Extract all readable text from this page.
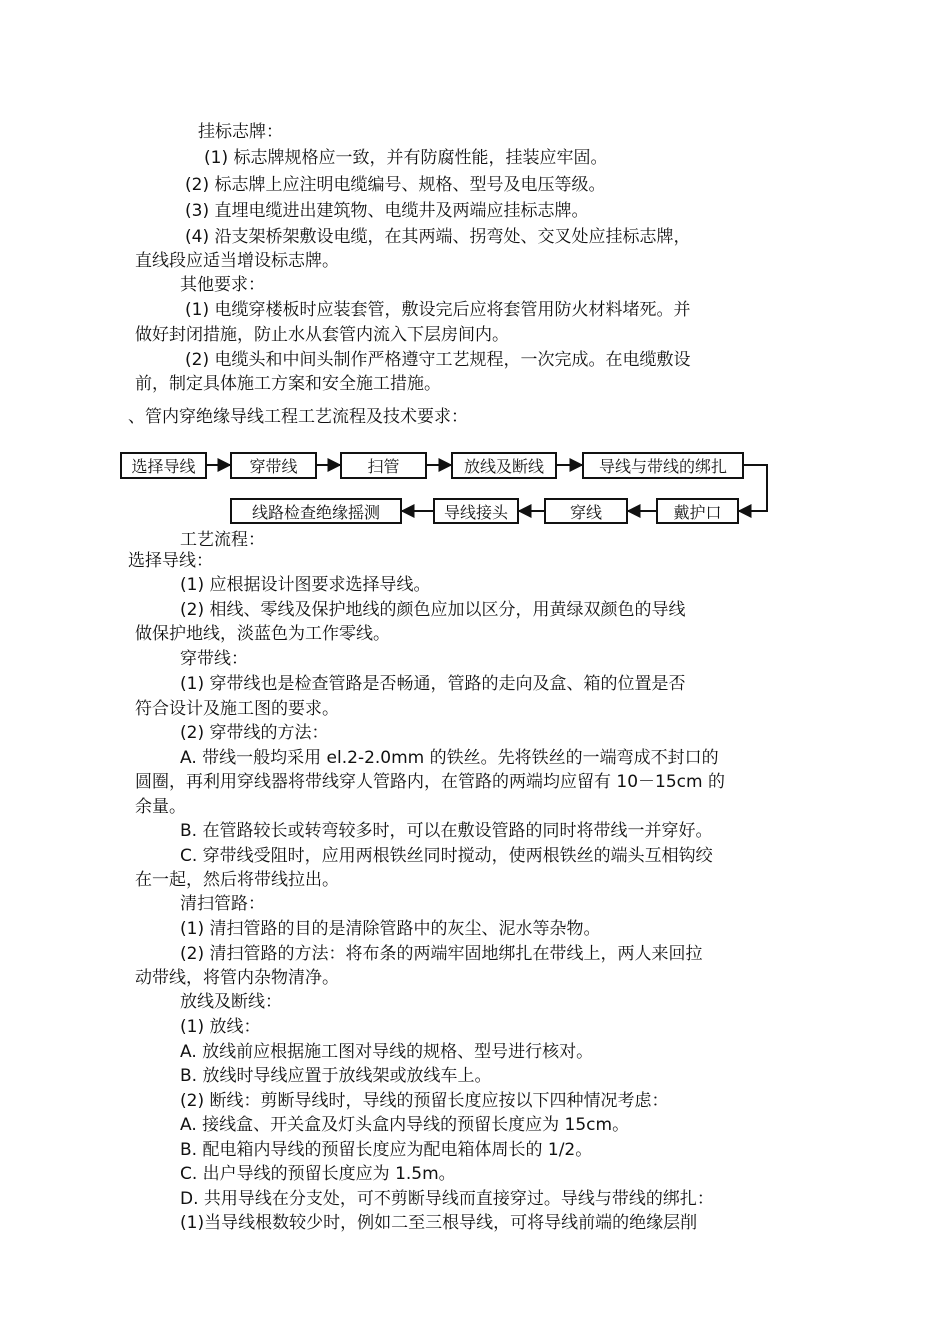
挂标志牌：
(1) 标志牌规格应一致，并有防腐性能，挂装应牢固。
(2) 标志牌上应注明电缆编号、规格、型号及电压等级。
(3) 直埋电缆进出建筑物、电缆井及两端应挂标志牌。
(4) 沿支架桥架敷设电缆，在其两端、拐弯处、交叉处应挂标志牌，
直线段应适当增设标志牌。
其他要求：
(1) 电缆穿楼板时应装套管，敷设完后应将套管用防火材料堵死。并
做好封闭措施，防止水从套管内流入下层房间内。
(2) 电缆头和中间头制作严格遵守工艺规程，一次完成。在电缆敷设
前，制定具体施工方案和安全施工措施。
、管内穿绝缘导线工程工艺流程及技术要求：
选择导线	穿带线	扫管	放线及断线	导线与带线的绑扎
戴护口
穿线
导线接头
线路检查绝缘摇测
工艺流程：
选择导线：
(1) 应根据设计图要求选择导线。
(2) 相线、零线及保护地线的颜色应加以区分，用黄绿双颜色的导线
做保护地线，淡蓝色为工作零线。
穿带线：
(1) 穿带线也是检查管路是否畅通，管路的走向及盒、箱的位置是否
符合设计及施工图的要求。
(2) 穿带线的方法：
A. 带线一般均采用 el.2-2.0mm 的铁丝。先将铁丝的一端弯成不封口的
圆圈，再利用穿线器将带线穿人管路内，在管路的两端均应留有 10－15cm 的
余量。
B. 在管路较长或转弯较多时，可以在敷设管路的同时将带线一并穿好。
C. 穿带线受阻时，应用两根铁丝同时搅动，使两根铁丝的端头互相钩绞
在一起，然后将带线拉出。
清扫管路：
(1) 清扫管路的目的是清除管路中的灰尘、泥水等杂物。
(2) 清扫管路的方法：将布条的两端牢固地绑扎在带线上，两人来回拉
动带线，将管内杂物清净。
放线及断线：
(1) 放线：
A. 放线前应根据施工图对导线的规格、型号进行核对。
B. 放线时导线应置于放线架或放线车上。
(2) 断线：剪断导线时，导线的预留长度应按以下四种情况考虑：
A. 接线盒、开关盒及灯头盒内导线的预留长度应为 15cm。
B. 配电箱内导线的预留长度应为配电箱体周长的 1/2。
C. 出户导线的预留长度应为 1.5m。
D. 共用导线在分支处，可不剪断导线而直接穿过。导线与带线的绑扎：
(1)当导线根数较少时，例如二至三根导线，可将导线前端的绝缘层削
